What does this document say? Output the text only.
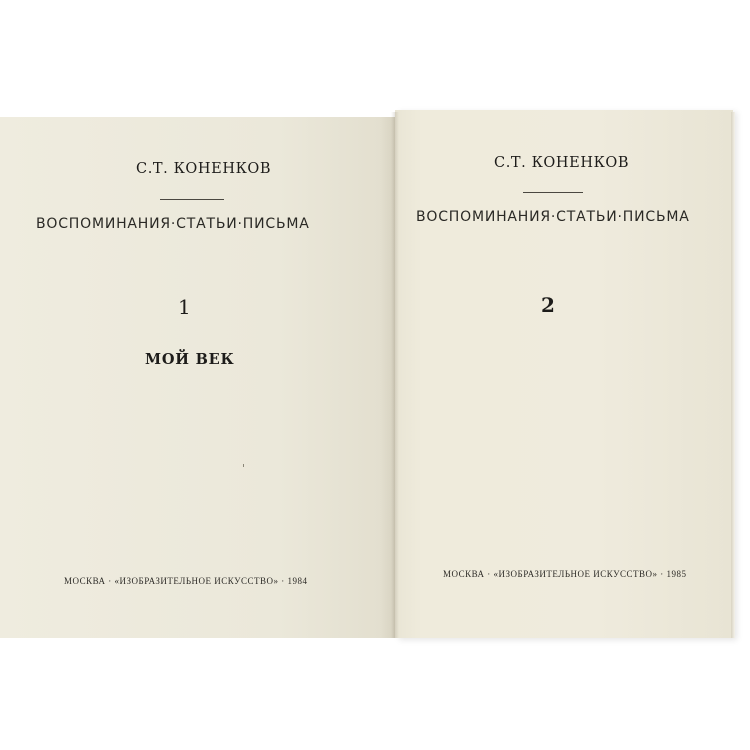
С.Т. КОНЕНКОВ
ВОСПОМИНАНИЯ·СТАТЬИ·ПИСЬМА
1
МОЙ ВЕК
МОСКВА · «ИЗОБРАЗИТЕЛЬНОЕ ИСКУССТВО» · 1984
С.Т. КОНЕНКОВ
ВОСПОМИНАНИЯ·СТАТЬИ·ПИСЬМА
2
МОСКВА · «ИЗОБРАЗИТЕЛЬНОЕ ИСКУССТВО» · 1985
